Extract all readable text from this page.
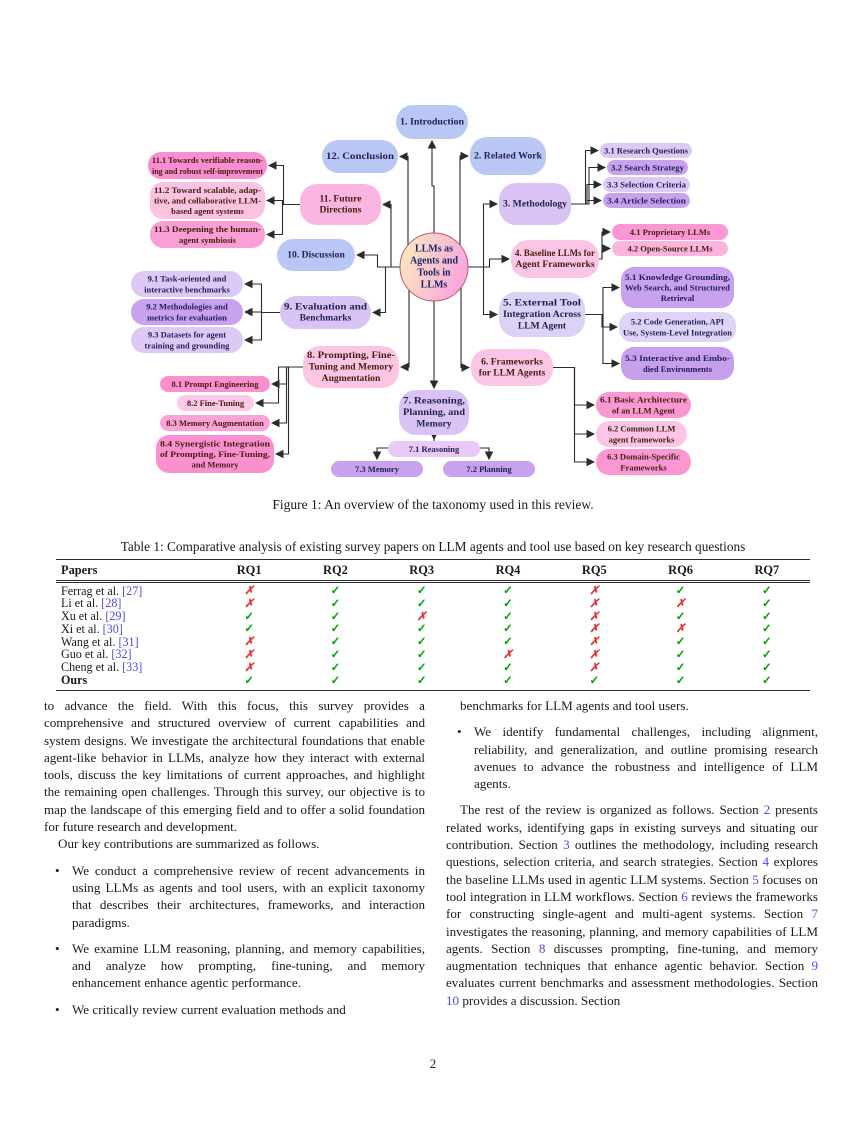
1. Introduction
2. Related Work
3. Methodology
4. Baseline LLMs for Agent Frameworks
5. External Tool Integration Across LLM Agent
6. Frameworks for LLM Agents
7. Reasoning, Planning, and Memory
8. Prompting, Fine-Tuning and Memory Augmentation
9. Evaluation and Benchmarks
10. Discussion
11. Future Directions
12. Conclusion
3.1 Research Questions
3.2 Search Strategy
3.3 Selection Criteria
3.4 Article Selection
4.1 Proprietary LLMs
4.2 Open-Source LLMs
5.1 Knowledge Grounding, Web Search, and Structured Retrieval
5.2 Code Generation, API Use, System-Level Integration
5.3 Interactive and Embo-died Environments
6.1 Basic Architecture of an LLM Agent
6.2 Common LLM agent frameworks
6.3 Domain-Specific Frameworks
7.1 Reasoning
7.2 Planning
7.3 Memory
8.1 Prompt Engineering
8.2 Fine-Tuning
8.3 Memory Augmentation
8.4 Synergistic Integration of Prompting, Fine-Tuning, and Memory
9.1 Task-oriented and interactive benchmarks
9.2 Methodologies and metrics for evaluation
9.3 Datasets for agent training and grounding
11.1 Towards verifiable reason-ing and robust self-improvement
11.2 Toward scalable, adap-tive, and collaborative LLM-based agent systems
11.3 Deepening the human-agent symbiosis
LLMs as Agents and Tools in LLMs
Figure 1: An overview of the taxonomy used in this review.
Table 1: Comparative analysis of existing survey papers on LLM agents and tool use based on key research questions
Papers	RQ1	RQ2	RQ3	RQ4	RQ5	RQ6	RQ7
Ferrag et al. [27]	✗	✓	✓	✓	✗	✓	✓
Li et al. [28]	✗	✓	✓	✓	✗	✗	✓
Xu et al. [29]	✓	✓	✗	✓	✗	✓	✓
Xi et al. [30]	✓	✓	✓	✓	✗	✗	✓
Wang et al. [31]	✗	✓	✓	✓	✗	✓	✓
Guo et al. [32]	✗	✓	✓	✗	✗	✓	✓
Cheng et al. [33]	✗	✓	✓	✓	✗	✓	✓
Ours	✓	✓	✓	✓	✓	✓	✓
to advance the field. With this focus, this survey provides a comprehensive and structured overview of current capabilities and system designs. We investigate the architectural foundations that enable agent-like behavior in LLMs, analyze how they interact with external tools, discuss the key limitations of current approaches, and highlight the remaining open challenges. Through this survey, our objective is to map the landscape of this emerging field and to offer a solid foundation for future research and development.
Our key contributions are summarized as follows.
• We conduct a comprehensive review of recent advancements in using LLMs as agents and tool users, with an explicit taxonomy that describes their architectures, frameworks, and interaction paradigms.
• We examine LLM reasoning, planning, and memory capabilities, and analyze how prompting, fine-tuning, and memory enhancement enhance agentic performance.
• We critically review current evaluation methods and
benchmarks for LLM agents and tool users.
• We identify fundamental challenges, including alignment, reliability, and generalization, and outline promising research avenues to advance the robustness and intelligence of LLM agents.
The rest of the review is organized as follows. Section 2 presents related works, identifying gaps in existing surveys and situating our contribution. Section 3 outlines the methodology, including research questions, selection criteria, and search strategies. Section 4 explores the baseline LLMs used in agentic LLM systems. Section 5 focuses on tool integration in LLM workflows. Section 6 reviews the frameworks for constructing single-agent and multi-agent systems. Section 7 investigates the reasoning, planning, and memory capabilities of LLM agents. Section 8 discusses prompting, fine-tuning, and memory augmentation techniques that enhance agentic behavior. Section 9 evaluates current benchmarks and assessment methodologies. Section 10 provides a discussion. Section
2
